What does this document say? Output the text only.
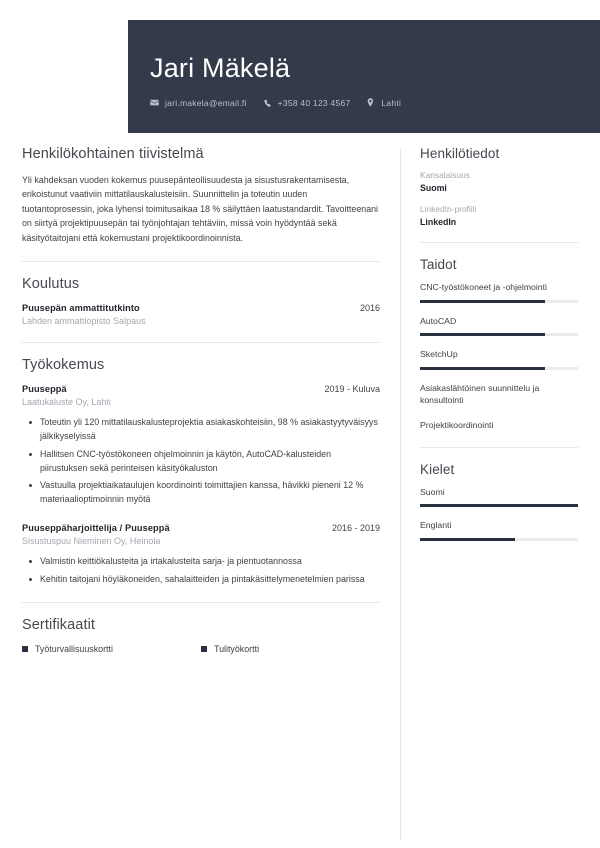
Jari Mäkelä
jari.makela@email.fi	+358 40 123 4567	Lahti
Henkilökohtainen tiivistelmä

Yli kahdeksan vuoden kokemus puusepänteollisuudesta ja sisustusrakentamisesta, erikoistunut vaativiin mittatilauskalusteisiin. Suunnittelin ja toteutin uuden tuotantoprosessin, joka lyhensi toimitusaikaa 18 % säilyttäen laatustandardit. Tavoitteenani on siirtyä projektipuusepän tai työnjohtajan tehtäviin, missä voin hyödyntää sekä käsityötaitojani että kokemustani projektikoordinoinnista.

Koulutus
Puusepän ammattitutkinto	2016
Lahden ammattiopisto Salpaus
Työkokemus
Puuseppä	2019 - Kuluva
Laatukaluste Oy, Lahti
Toteutin yli 120 mittatilauskalusteprojektia asiakaskohteisiin, 98 % asiakastyytyväisyys jälkikyselyissä
Hallitsen CNC-työstökoneen ohjelmoinnin ja käytön, AutoCAD-kalusteiden piirustuksen sekä perinteisen käsityökaluston
Vastuulla projektiaikataulujen koordinointi toimittajien kanssa, hävikki pieneni 12 % materiaalioptimoinnin myötä
Puuseppäharjoittelija / Puuseppä	2016 - 2019
Sisustuspuu Nieminen Oy, Heinola
Valmistin keittiökalusteita ja irtakalusteita sarja- ja pientuotannossa
Kehitin taitojani höyläkoneiden, sahalaitteiden ja pintakäsittelymenetelmien parissa
Sertifikaatit
Työturvallisuuskortti	Tulityökortti
Henkilötiedot
Kansalaisuus
Suomi
LinkedIn-profiili
LinkedIn
Taidot
CNC-työstökoneet ja -ohjelmointi
AutoCAD
SketchUp
Asiakaslähtöinen suunnittelu ja konsultointi
Projektikoordinointi
Kielet
Suomi
Englanti
